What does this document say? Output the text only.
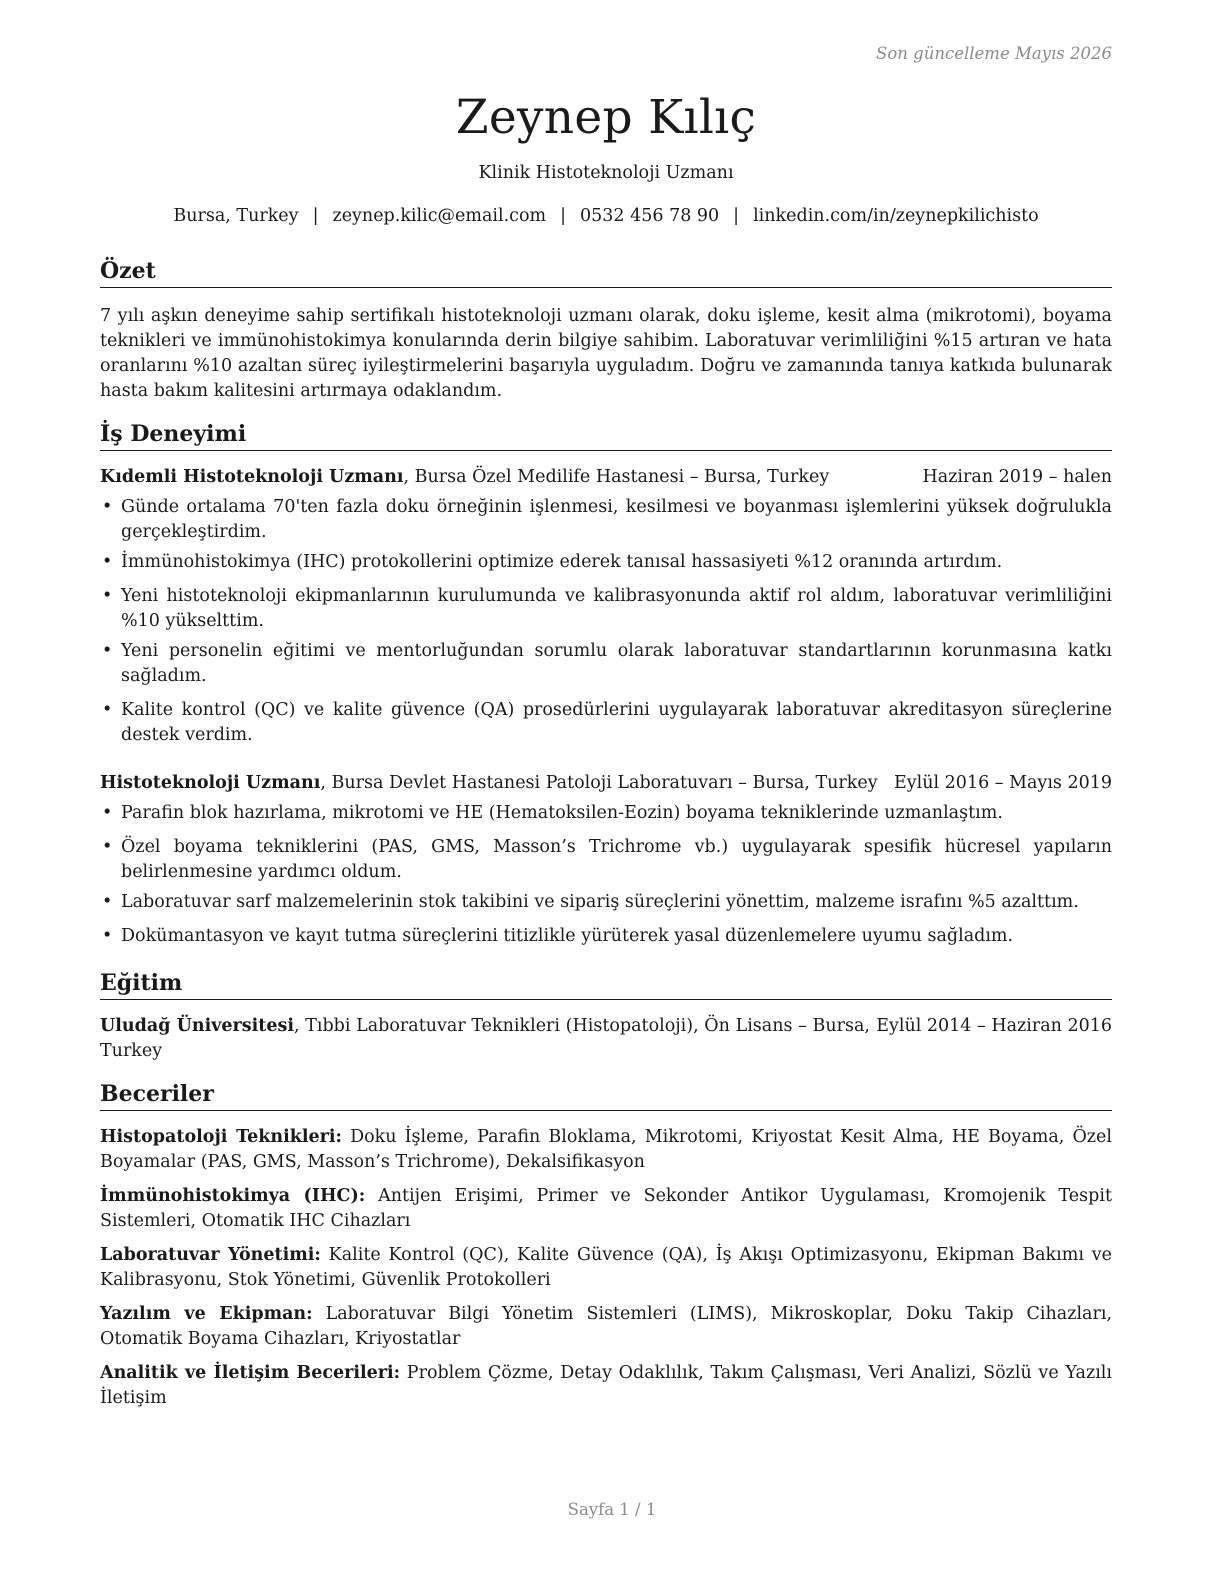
Son güncelleme Mayıs 2026
Zeynep Kılıç
Klinik Histoteknoloji Uzmanı
Bursa, Turkey | zeynep.kilic@email.com | 0532 456 78 90 | linkedin.com/in/zeynepkilichisto
Özet
7 yılı aşkın deneyime sahip sertifikalı histoteknoloji uzmanı olarak, doku işleme, kesit alma (mikrotomi), boyama teknikleri ve immünohistokimya konularında derin bilgiye sahibim. Laboratuvar verimliliğini %15 artıran ve hata oranlarını %10 azaltan süreç iyileştirmelerini başarıyla uyguladım. Doğru ve zamanında tanıya katkıda bulunarak hasta bakım kalitesini artırmaya odaklandım.
İş Deneyimi
Kıdemli Histoteknoloji Uzmanı, Bursa Özel Medilife Hastanesi – Bursa, Turkey	Haziran 2019 – halen
• Günde ortalama 70'ten fazla doku örneğinin işlenmesi, kesilmesi ve boyanması işlemlerini yüksek doğrulukla gerçekleştirdim.
• İmmünohistokimya (IHC) protokollerini optimize ederek tanısal hassasiyeti %12 oranında artırdım.
• Yeni histoteknoloji ekipmanlarının kurulumunda ve kalibrasyonunda aktif rol aldım, laboratuvar verimliliğini %10 yükselttim.
• Yeni personelin eğitimi ve mentorluğundan sorumlu olarak laboratuvar standartlarının korunmasına katkı sağladım.
• Kalite kontrol (QC) ve kalite güvence (QA) prosedürlerini uygulayarak laboratuvar akreditasyon süreçlerine destek verdim.
Histoteknoloji Uzmanı, Bursa Devlet Hastanesi Patoloji Laboratuvarı – Bursa, Turkey Eylül 2016 – Mayıs 2019
• Parafin blok hazırlama, mikrotomi ve HE (Hematoksilen-Eozin) boyama tekniklerinde uzmanlaştım.
• Özel boyama tekniklerini (PAS, GMS, Masson’s Trichrome vb.) uygulayarak spesifik hücresel yapıların belirlenmesine yardımcı oldum.
• Laboratuvar sarf malzemelerinin stok takibini ve sipariş süreçlerini yönettim, malzeme israfını %5 azalttım.
• Dokümantasyon ve kayıt tutma süreçlerini titizlikle yürüterek yasal düzenlemelere uyumu sağladım.
Eğitim
Uludağ Üniversitesi, Tıbbi Laboratuvar Teknikleri (Histopatoloji), Ön Lisans – Bursa, Turkey
Eylül 2014 – Haziran 2016
Beceriler
Histopatoloji Teknikleri: Doku İşleme, Parafin Bloklama, Mikrotomi, Kriyostat Kesit Alma, HE Boyama, Özel Boyamalar (PAS, GMS, Masson’s Trichrome), Dekalsifikasyon
İmmünohistokimya (IHC): Antijen Erişimi, Primer ve Sekonder Antikor Uygulaması, Kromojenik Tespit Sistemleri, Otomatik IHC Cihazları
Laboratuvar Yönetimi: Kalite Kontrol (QC), Kalite Güvence (QA), İş Akışı Optimizasyonu, Ekipman Bakımı ve Kalibrasyonu, Stok Yönetimi, Güvenlik Protokolleri
Yazılım ve Ekipman: Laboratuvar Bilgi Yönetim Sistemleri (LIMS), Mikroskoplar, Doku Takip Cihazları, Otomatik Boyama Cihazları, Kriyostatlar
Analitik ve İletişim Becerileri: Problem Çözme, Detay Odaklılık, Takım Çalışması, Veri Analizi, Sözlü ve Yazılı İletişim
Sayfa 1 / 1
